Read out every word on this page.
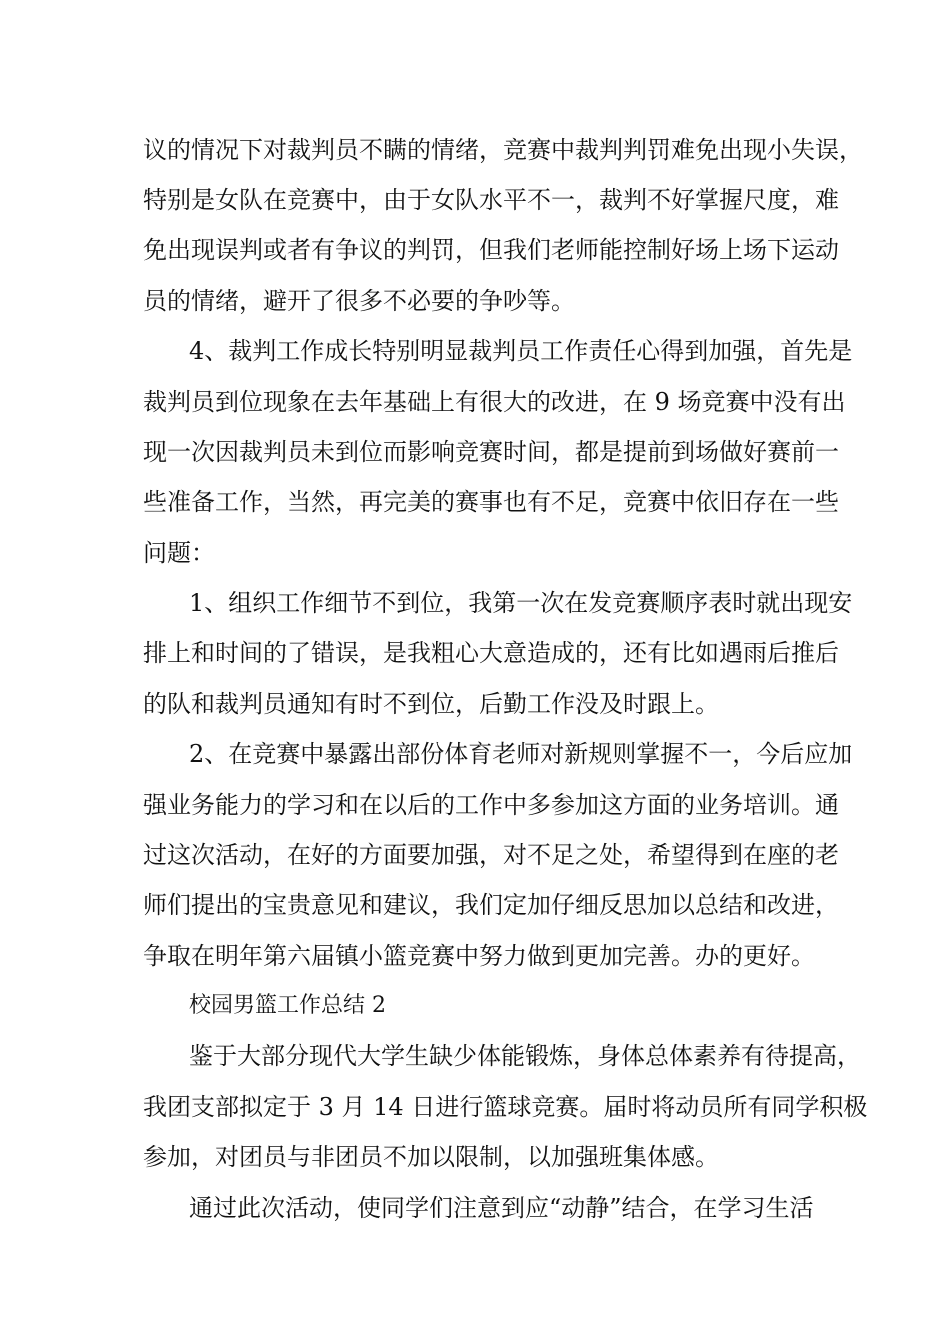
议的情况下对裁判员不瞒的情绪，竞赛中裁判判罚难免出现小失误，
特别是女队在竞赛中，由于女队水平不一，裁判不好掌握尺度，难
免出现误判或者有争议的判罚，但我们老师能控制好场上场下运动
员的情绪，避开了很多不必要的争吵等。
4、裁判工作成长特别明显裁判员工作责任心得到加强，首先是
裁判员到位现象在去年基础上有很大的改进，在 9 场竞赛中没有出
现一次因裁判员未到位而影响竞赛时间，都是提前到场做好赛前一
些准备工作，当然，再完美的赛事也有不足，竞赛中依旧存在一些
问题：
1、组织工作细节不到位，我第一次在发竞赛顺序表时就出现安
排上和时间的了错误，是我粗心大意造成的，还有比如遇雨后推后
的队和裁判员通知有时不到位，后勤工作没及时跟上。
2、在竞赛中暴露出部份体育老师对新规则掌握不一，今后应加
强业务能力的学习和在以后的工作中多参加这方面的业务培训。通
过这次活动，在好的方面要加强，对不足之处，希望得到在座的老
师们提出的宝贵意见和建议，我们定加仔细反思加以总结和改进，
争取在明年第六届镇小篮竞赛中努力做到更加完善。办的更好。
校园男篮工作总结 2
鉴于大部分现代大学生缺少体能锻炼，身体总体素养有待提高，
我团支部拟定于 3 月 14 日进行篮球竞赛。届时将动员所有同学积极
参加，对团员与非团员不加以限制，以加强班集体感。
通过此次活动，使同学们注意到应“动静”结合，在学习生活
